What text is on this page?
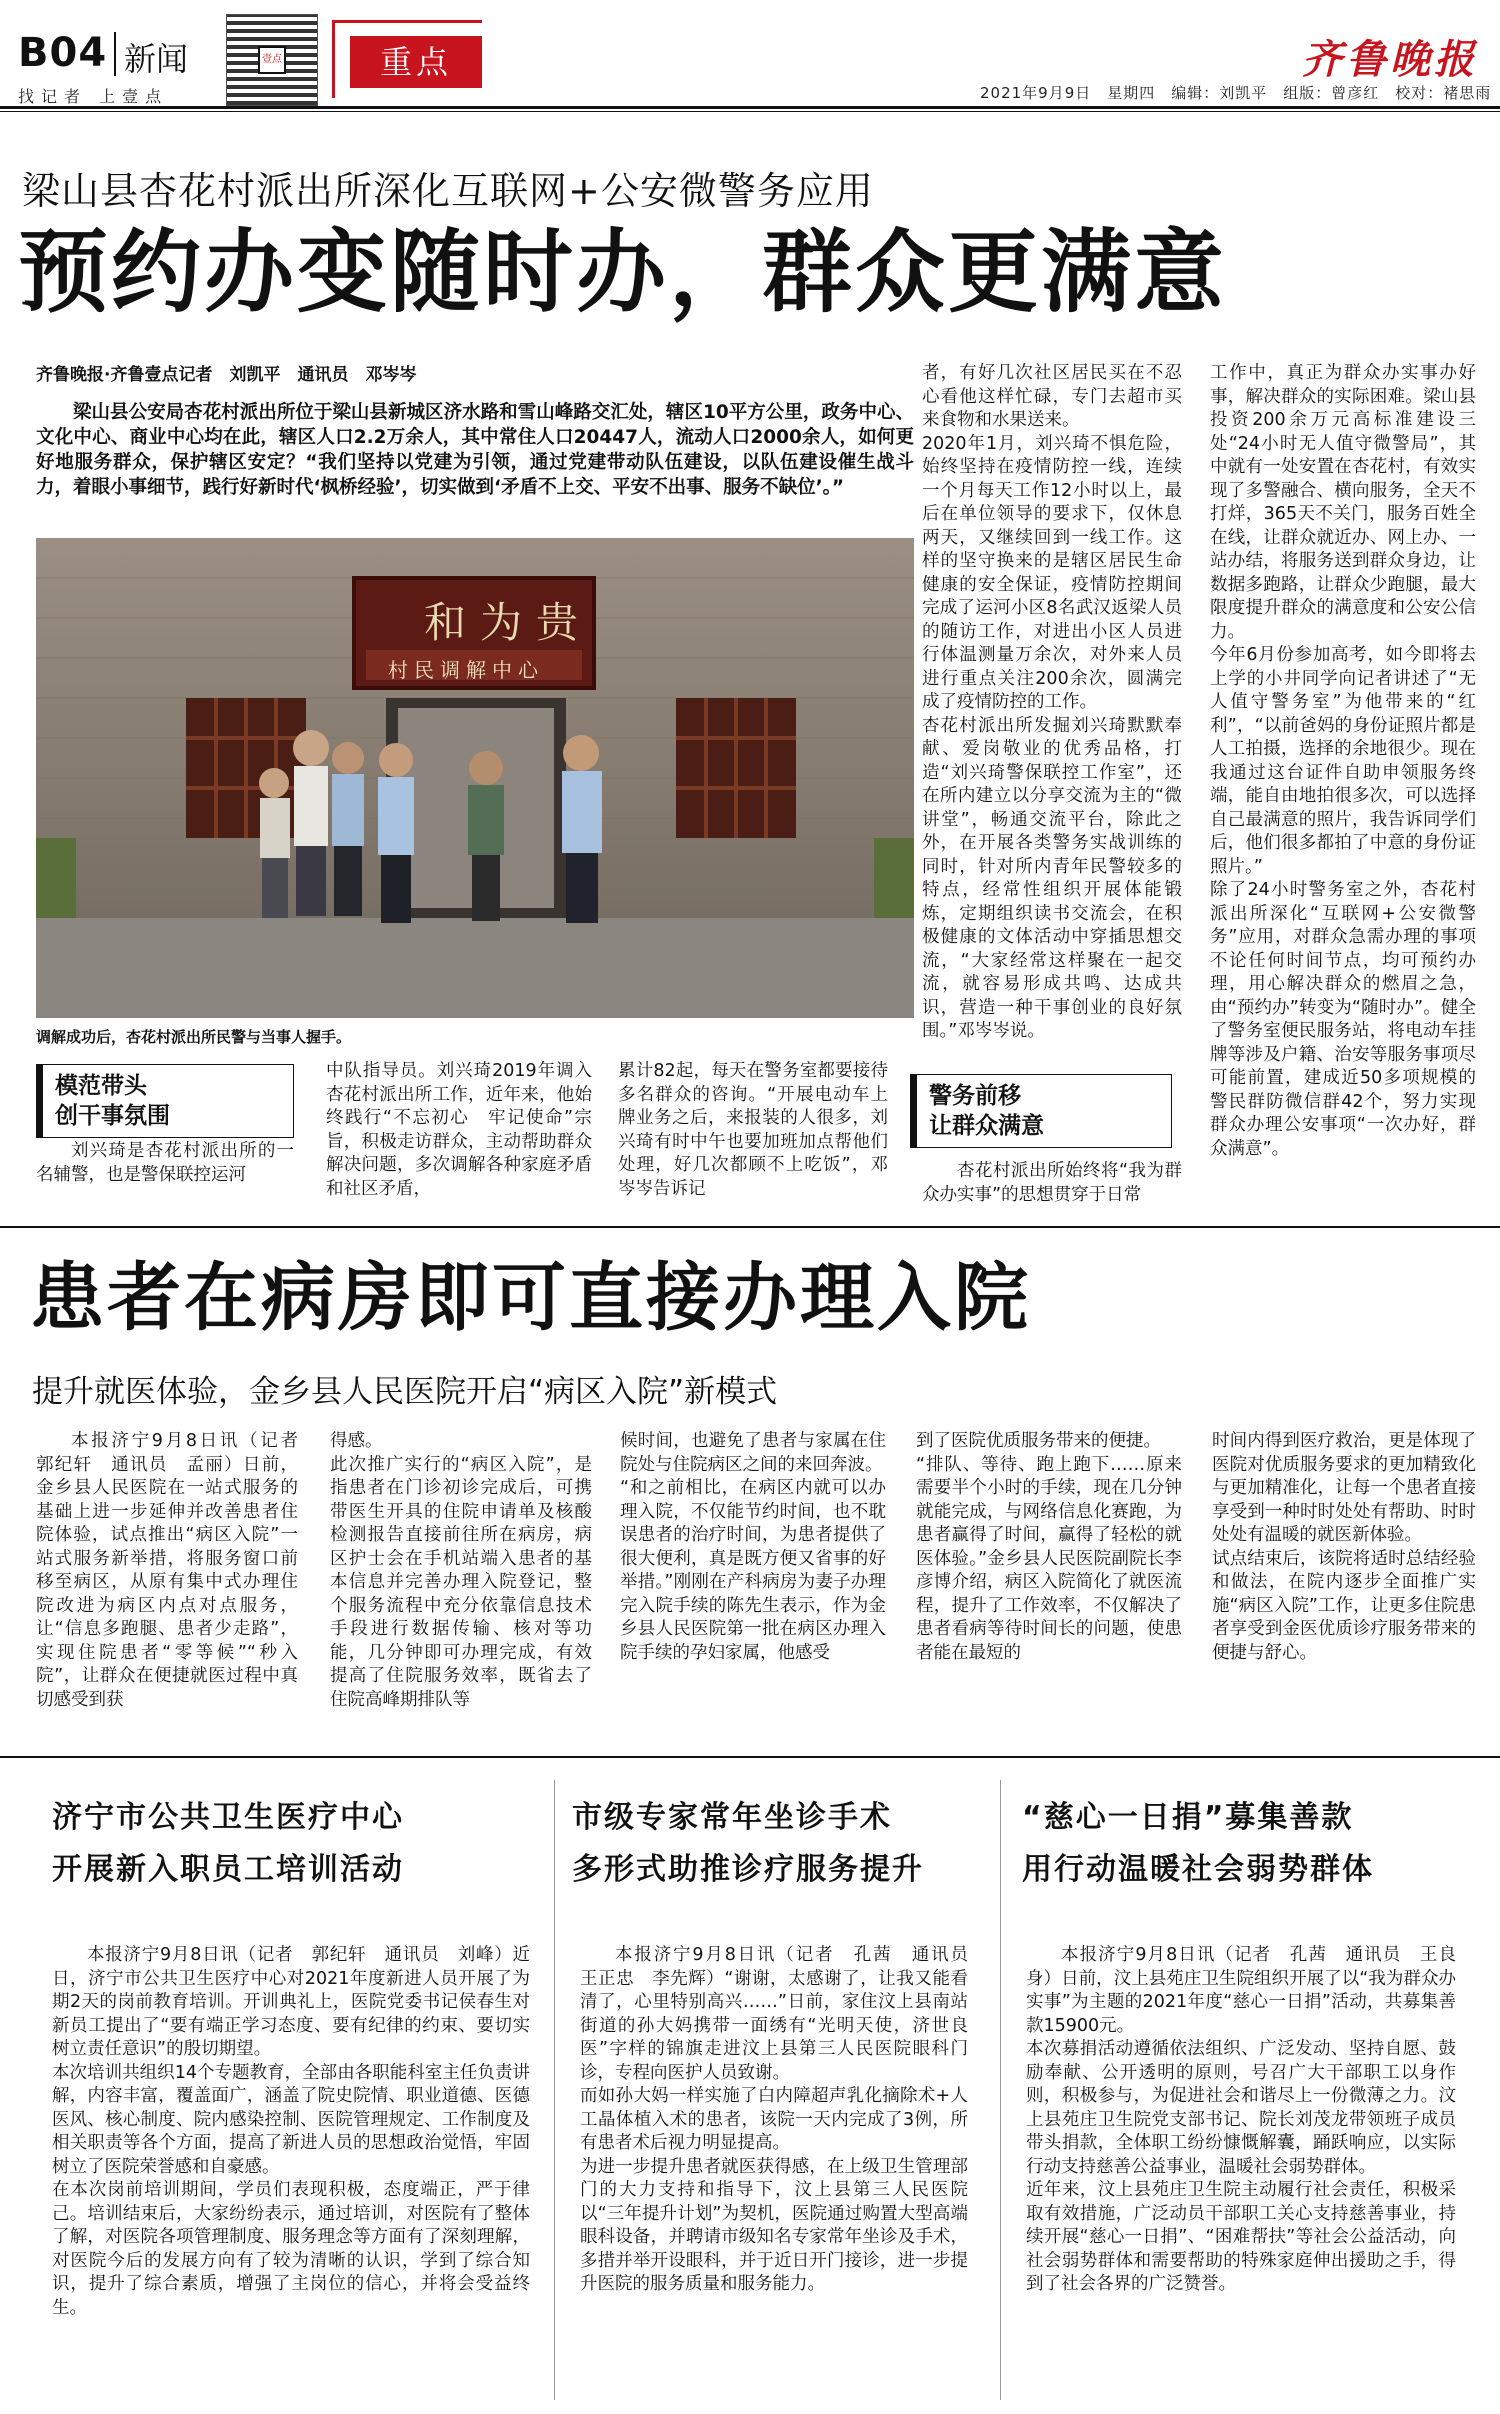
B04 新闻
找记者 上壹点
壹点	重点	齐鲁晚报
2021年9月9日　星期四　编辑：刘凯平　组版：曾彦红　校对：褚思雨
梁山县杏花村派出所深化互联网+公安微警务应用
预约办变随时办，群众更满意
齐鲁晚报·齐鲁壹点记者　刘凯平　通讯员　邓岑岑
梁山县公安局杏花村派出所位于梁山县新城区济水路和雪山峰路交汇处，辖区10平方公里，政务中心、文化中心、商业中心均在此，辖区人口2.2万余人，其中常住人口20447人，流动人口2000余人，如何更好地服务群众，保护辖区安定？“我们坚持以党建为引领，通过党建带动队伍建设，以队伍建设催生战斗力，着眼小事细节，践行好新时代‘枫桥经验’，切实做到‘矛盾不上交、平安不出事、服务不缺位’。”
和为贵
村民调解中心
调解成功后，杏花村派出所民警与当事人握手。
模范带头
创干事氛围
刘兴琦是杏花村派出所的一名辅警，也是警保联控运河
中队指导员。刘兴琦2019年调入杏花村派出所工作，近年来，他始终践行“不忘初心　牢记使命”宗旨，积极走访群众，主动帮助群众解决问题，多次调解各种家庭矛盾和社区矛盾，
累计82起，每天在警务室都要接待多名群众的咨询。“开展电动车上牌业务之后，来报装的人很多，刘兴琦有时中午也要加班加点帮他们处理，好几次都顾不上吃饭”，邓岑岑告诉记
者，有好几次社区居民买在不忍心看他这样忙碌，专门去超市买来食物和水果送来。
2020年1月，刘兴琦不惧危险，始终坚持在疫情防控一线，连续一个月每天工作12小时以上，最后在单位领导的要求下，仅休息两天，又继续回到一线工作。这样的坚守换来的是辖区居民生命健康的安全保证，疫情防控期间完成了运河小区8名武汉返梁人员的随访工作，对进出小区人员进行体温测量万余次，对外来人员进行重点关注200余次，圆满完成了疫情防控的工作。
杏花村派出所发掘刘兴琦默默奉献、爱岗敬业的优秀品格，打造“刘兴琦警保联控工作室”，还在所内建立以分享交流为主的“微讲堂”，畅通交流平台，除此之外，在开展各类警务实战训练的同时，针对所内青年民警较多的特点，经常性组织开展体能锻炼，定期组织读书交流会，在积极健康的文体活动中穿插思想交流，“大家经常这样聚在一起交流，就容易形成共鸣、达成共识，营造一种干事创业的良好氛围。”邓岑岑说。
警务前移
让群众满意
杏花村派出所始终将“我为群众办实事”的思想贯穿于日常
工作中，真正为群众办实事办好事，解决群众的实际困难。梁山县投资200余万元高标准建设三处“24小时无人值守微警局”，其中就有一处安置在杏花村，有效实现了多警融合、横向服务，全天不打烊，365天不关门，服务百姓全在线，让群众就近办、网上办、一站办结，将服务送到群众身边，让数据多跑路，让群众少跑腿，最大限度提升群众的满意度和公安公信力。
今年6月份参加高考，如今即将去上学的小井同学向记者讲述了“无人值守警务室”为他带来的“红利”，“以前爸妈的身份证照片都是人工拍摄，选择的余地很少。现在我通过这台证件自助申领服务终端，能自由地拍很多次，可以选择自己最满意的照片，我告诉同学们后，他们很多都拍了中意的身份证照片。”
除了24小时警务室之外，杏花村派出所深化“互联网+公安微警务”应用，对群众急需办理的事项不论任何时间节点，均可预约办理，用心解决群众的燃眉之急，由“预约办”转变为“随时办”。健全了警务室便民服务站，将电动车挂牌等涉及户籍、治安等服务事项尽可能前置，建成近50多项规模的警民群防微信群42个，努力实现群众办理公安事项“一次办好，群众满意”。
患者在病房即可直接办理入院
提升就医体验，金乡县人民医院开启“病区入院”新模式
本报济宁9月8日讯（记者　郭纪轩　通讯员　孟丽）日前，金乡县人民医院在一站式服务的基础上进一步延伸并改善患者住院体验，试点推出“病区入院”一站式服务新举措，将服务窗口前移至病区，从原有集中式办理住院改进为病区内点对点服务，让“信息多跑腿、患者少走路”，实现住院患者“零等候”“秒入院”，让群众在便捷就医过程中真切感受到获
得感。
此次推广实行的“病区入院”，是指患者在门诊初诊完成后，可携带医生开具的住院申请单及核酸检测报告直接前往所在病房，病区护士会在手机站端入患者的基本信息并完善办理入院登记，整个服务流程中充分依靠信息技术手段进行数据传输、核对等功能，几分钟即可办理完成，有效提高了住院服务效率，既省去了住院高峰期排队等
候时间，也避免了患者与家属在住院处与住院病区之间的来回奔波。
“和之前相比，在病区内就可以办理入院，不仅能节约时间，也不耽误患者的治疗时间，为患者提供了很大便利，真是既方便又省事的好举措。”刚刚在产科病房为妻子办理完入院手续的陈先生表示，作为金乡县人民医院第一批在病区办理入院手续的孕妇家属，他感受
到了医院优质服务带来的便捷。
“排队、等待、跑上跑下……原来需要半个小时的手续，现在几分钟就能完成，与网络信息化赛跑，为患者赢得了时间，赢得了轻松的就医体验。”金乡县人民医院副院长李彦博介绍，病区入院简化了就医流程，提升了工作效率，不仅解决了患者看病等待时间长的问题，使患者能在最短的
时间内得到医疗救治，更是体现了医院对优质服务要求的更加精致化与更加精准化，让每一个患者直接享受到一种时时处处有帮助、时时处处有温暖的就医新体验。
试点结束后，该院将适时总结经验和做法，在院内逐步全面推广实施“病区入院”工作，让更多住院患者享受到金医优质诊疗服务带来的便捷与舒心。
济宁市公共卫生医疗中心
开展新入职员工培训活动
本报济宁9月8日讯（记者　郭纪轩　通讯员　刘峰）近日，济宁市公共卫生医疗中心对2021年度新进人员开展了为期2天的岗前教育培训。开训典礼上，医院党委书记侯春生对新员工提出了“要有端正学习态度、要有纪律的约束、要切实树立责任意识”的殷切期望。
本次培训共组织14个专题教育，全部由各职能科室主任负责讲解，内容丰富，覆盖面广，涵盖了院史院情、职业道德、医德医风、核心制度、院内感染控制、医院管理规定、工作制度及相关职责等各个方面，提高了新进人员的思想政治觉悟，牢固树立了医院荣誉感和自豪感。
在本次岗前培训期间，学员们表现积极，态度端正，严于律己。培训结束后，大家纷纷表示，通过培训，对医院有了整体了解，对医院各项管理制度、服务理念等方面有了深刻理解，对医院今后的发展方向有了较为清晰的认识，学到了综合知识，提升了综合素质，增强了主岗位的信心，并将会受益终生。
市级专家常年坐诊手术
多形式助推诊疗服务提升
本报济宁9月8日讯（记者　孔茜　通讯员　王正忠　李先辉）“谢谢，太感谢了，让我又能看清了，心里特别高兴……”日前，家住汶上县南站街道的孙大妈携带一面绣有“光明天使，济世良医”字样的锦旗走进汶上县第三人民医院眼科门诊，专程向医护人员致谢。
而如孙大妈一样实施了白内障超声乳化摘除术+人工晶体植入术的患者，该院一天内完成了3例，所有患者术后视力明显提高。
为进一步提升患者就医获得感，在上级卫生管理部门的大力支持和指导下，汶上县第三人民医院以“三年提升计划”为契机，医院通过购置大型高端眼科设备，并聘请市级知名专家常年坐诊及手术，多措并举开设眼科，并于近日开门接诊，进一步提升医院的服务质量和服务能力。
“慈心一日捐”募集善款
用行动温暖社会弱势群体
本报济宁9月8日讯（记者　孔茜　通讯员　王良身）日前，汶上县苑庄卫生院组织开展了以“我为群众办实事”为主题的2021年度“慈心一日捐”活动，共募集善款15900元。
本次募捐活动遵循依法组织、广泛发动、坚持自愿、鼓励奉献、公开透明的原则，号召广大干部职工以身作则，积极参与，为促进社会和谐尽上一份微薄之力。汶上县苑庄卫生院党支部书记、院长刘茂龙带领班子成员带头捐款，全体职工纷纷慷慨解囊，踊跃响应，以实际行动支持慈善公益事业，温暖社会弱势群体。
近年来，汶上县苑庄卫生院主动履行社会责任，积极采取有效措施，广泛动员干部职工关心支持慈善事业，持续开展“慈心一日捐”、“困难帮扶”等社会公益活动，向社会弱势群体和需要帮助的特殊家庭伸出援助之手，得到了社会各界的广泛赞誉。
